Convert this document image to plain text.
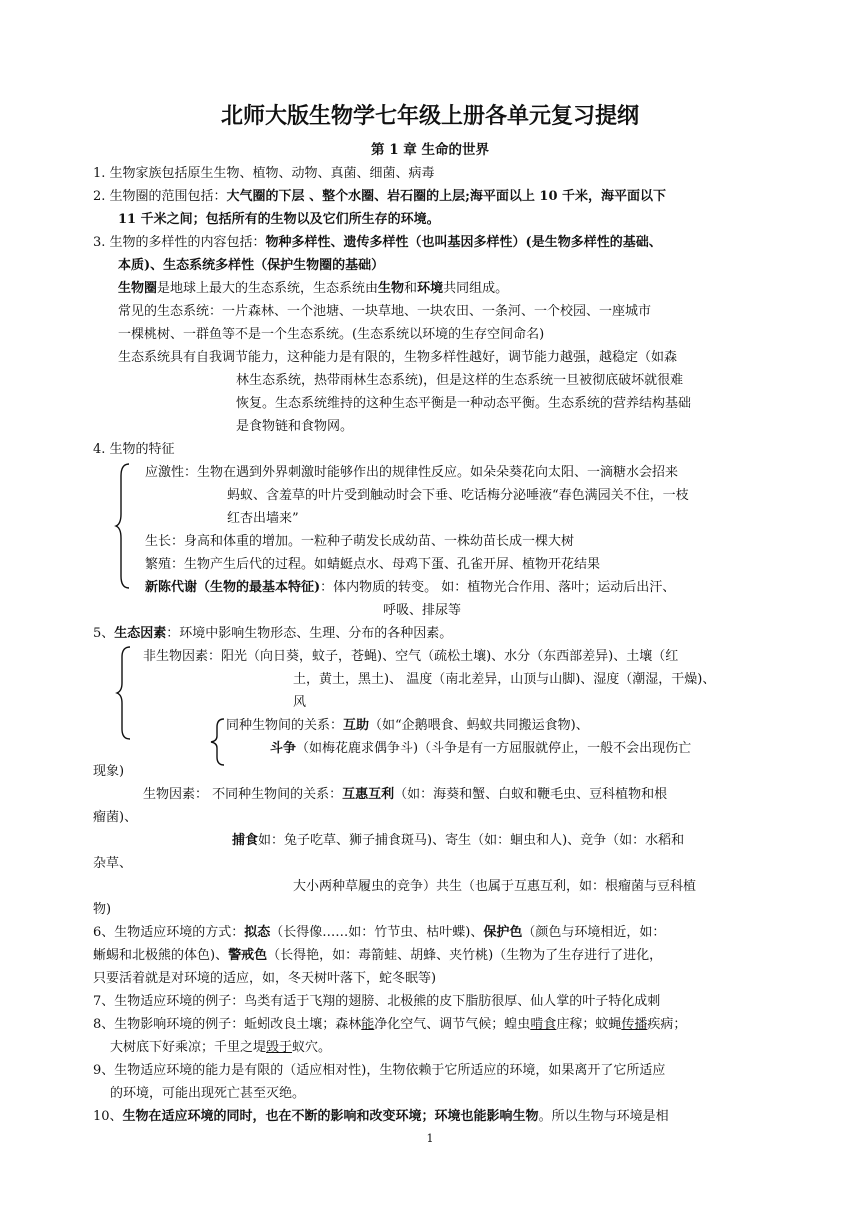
北师大版生物学七年级上册各单元复习提纲
第 1 章 生命的世界
1. 生物家族包括原生生物、植物、动物、真菌、细菌、病毒
2. 生物圈的范围包括：大气圈的下层 、整个水圈、岩石圈的上层;海平面以上 10 千米，海平面以下
11 千米之间；包括所有的生物以及它们所生存的环境。
3. 生物的多样性的内容包括：物种多样性、遗传多样性（也叫基因多样性）(是生物多样性的基础、
本质)、生态系统多样性（保护生物圈的基础）
生物圈是地球上最大的生态系统，生态系统由生物和环境共同组成。
常见的生态系统：一片森林、一个池塘、一块草地、一块农田、一条河、一个校园、一座城市
一棵桃树、一群鱼等不是一个生态系统。(生态系统以环境的生存空间命名)
生态系统具有自我调节能力，这种能力是有限的，生物多样性越好，调节能力越强，越稳定（如森
林生态系统，热带雨林生态系统)，但是这样的生态系统一旦被彻底破坏就很难
恢复。生态系统维持的这种生态平衡是一种动态平衡。生态系统的营养结构基础
是食物链和食物网。
4. 生物的特征
应激性：生物在遇到外界刺激时能够作出的规律性反应。如朵朵葵花向太阳、一滴糖水会招来
蚂蚁、含羞草的叶片受到触动时会下垂、吃话梅分泌唾液“春色满园关不住，一枝
红杏出墙来”
生长：身高和体重的增加。一粒种子萌发长成幼苗、一株幼苗长成一棵大树
繁殖：生物产生后代的过程。如蜻蜓点水、母鸡下蛋、孔雀开屏、植物开花结果
新陈代谢（生物的最基本特征)：体内物质的转变。 如：植物光合作用、落叶；运动后出汗、
呼吸、排尿等
5、生态因素：环境中影响生物形态、生理、分布的各种因素。
非生物因素：阳光（向日葵，蚊子，苍蝇)、空气（疏松土壤)、水分（东西部差异)、土壤（红
土，黄土，黑土)、 温度（南北差异，山顶与山脚)、湿度（潮湿，干燥)、
风
同种生物间的关系：互助（如“企鹅喂食、蚂蚁共同搬运食物)、
斗争（如梅花鹿求偶争斗)（斗争是有一方屈服就停止，一般不会出现伤亡
现象)
生物因素： 不同种生物间的关系：互惠互利（如：海葵和蟹、白蚁和鞭毛虫、豆科植物和根
瘤菌)、
捕食如：兔子吃草、狮子捕食斑马)、寄生（如：蛔虫和人)、竞争（如：水稻和
杂草、
大小两种草履虫的竞争）共生（也属于互惠互利，如：根瘤菌与豆科植
物)
6、生物适应环境的方式：拟态（长得像……如：竹节虫、枯叶蝶)、保护色（颜色与环境相近，如：
蜥蜴和北极熊的体色)、警戒色（长得艳，如：毒箭蛙、胡蜂、夹竹桃)（生物为了生存进行了进化，
只要活着就是对环境的适应，如，冬天树叶落下，蛇冬眠等)
7、生物适应环境的例子：鸟类有适于飞翔的翅膀、北极熊的皮下脂肪很厚、仙人掌的叶子特化成刺
8、生物影响环境的例子：蚯蚓改良土壤；森林能净化空气、调节气候；蝗虫啃食庄稼；蚊蝇传播疾病；
大树底下好乘凉；千里之堤毁于蚁穴。
9、生物适应环境的能力是有限的（适应相对性)，生物依赖于它所适应的环境，如果离开了它所适应
的环境，可能出现死亡甚至灭绝。
10、生物在适应环境的同时，也在不断的影响和改变环境；环境也能影响生物。所以生物与环境是相
1
